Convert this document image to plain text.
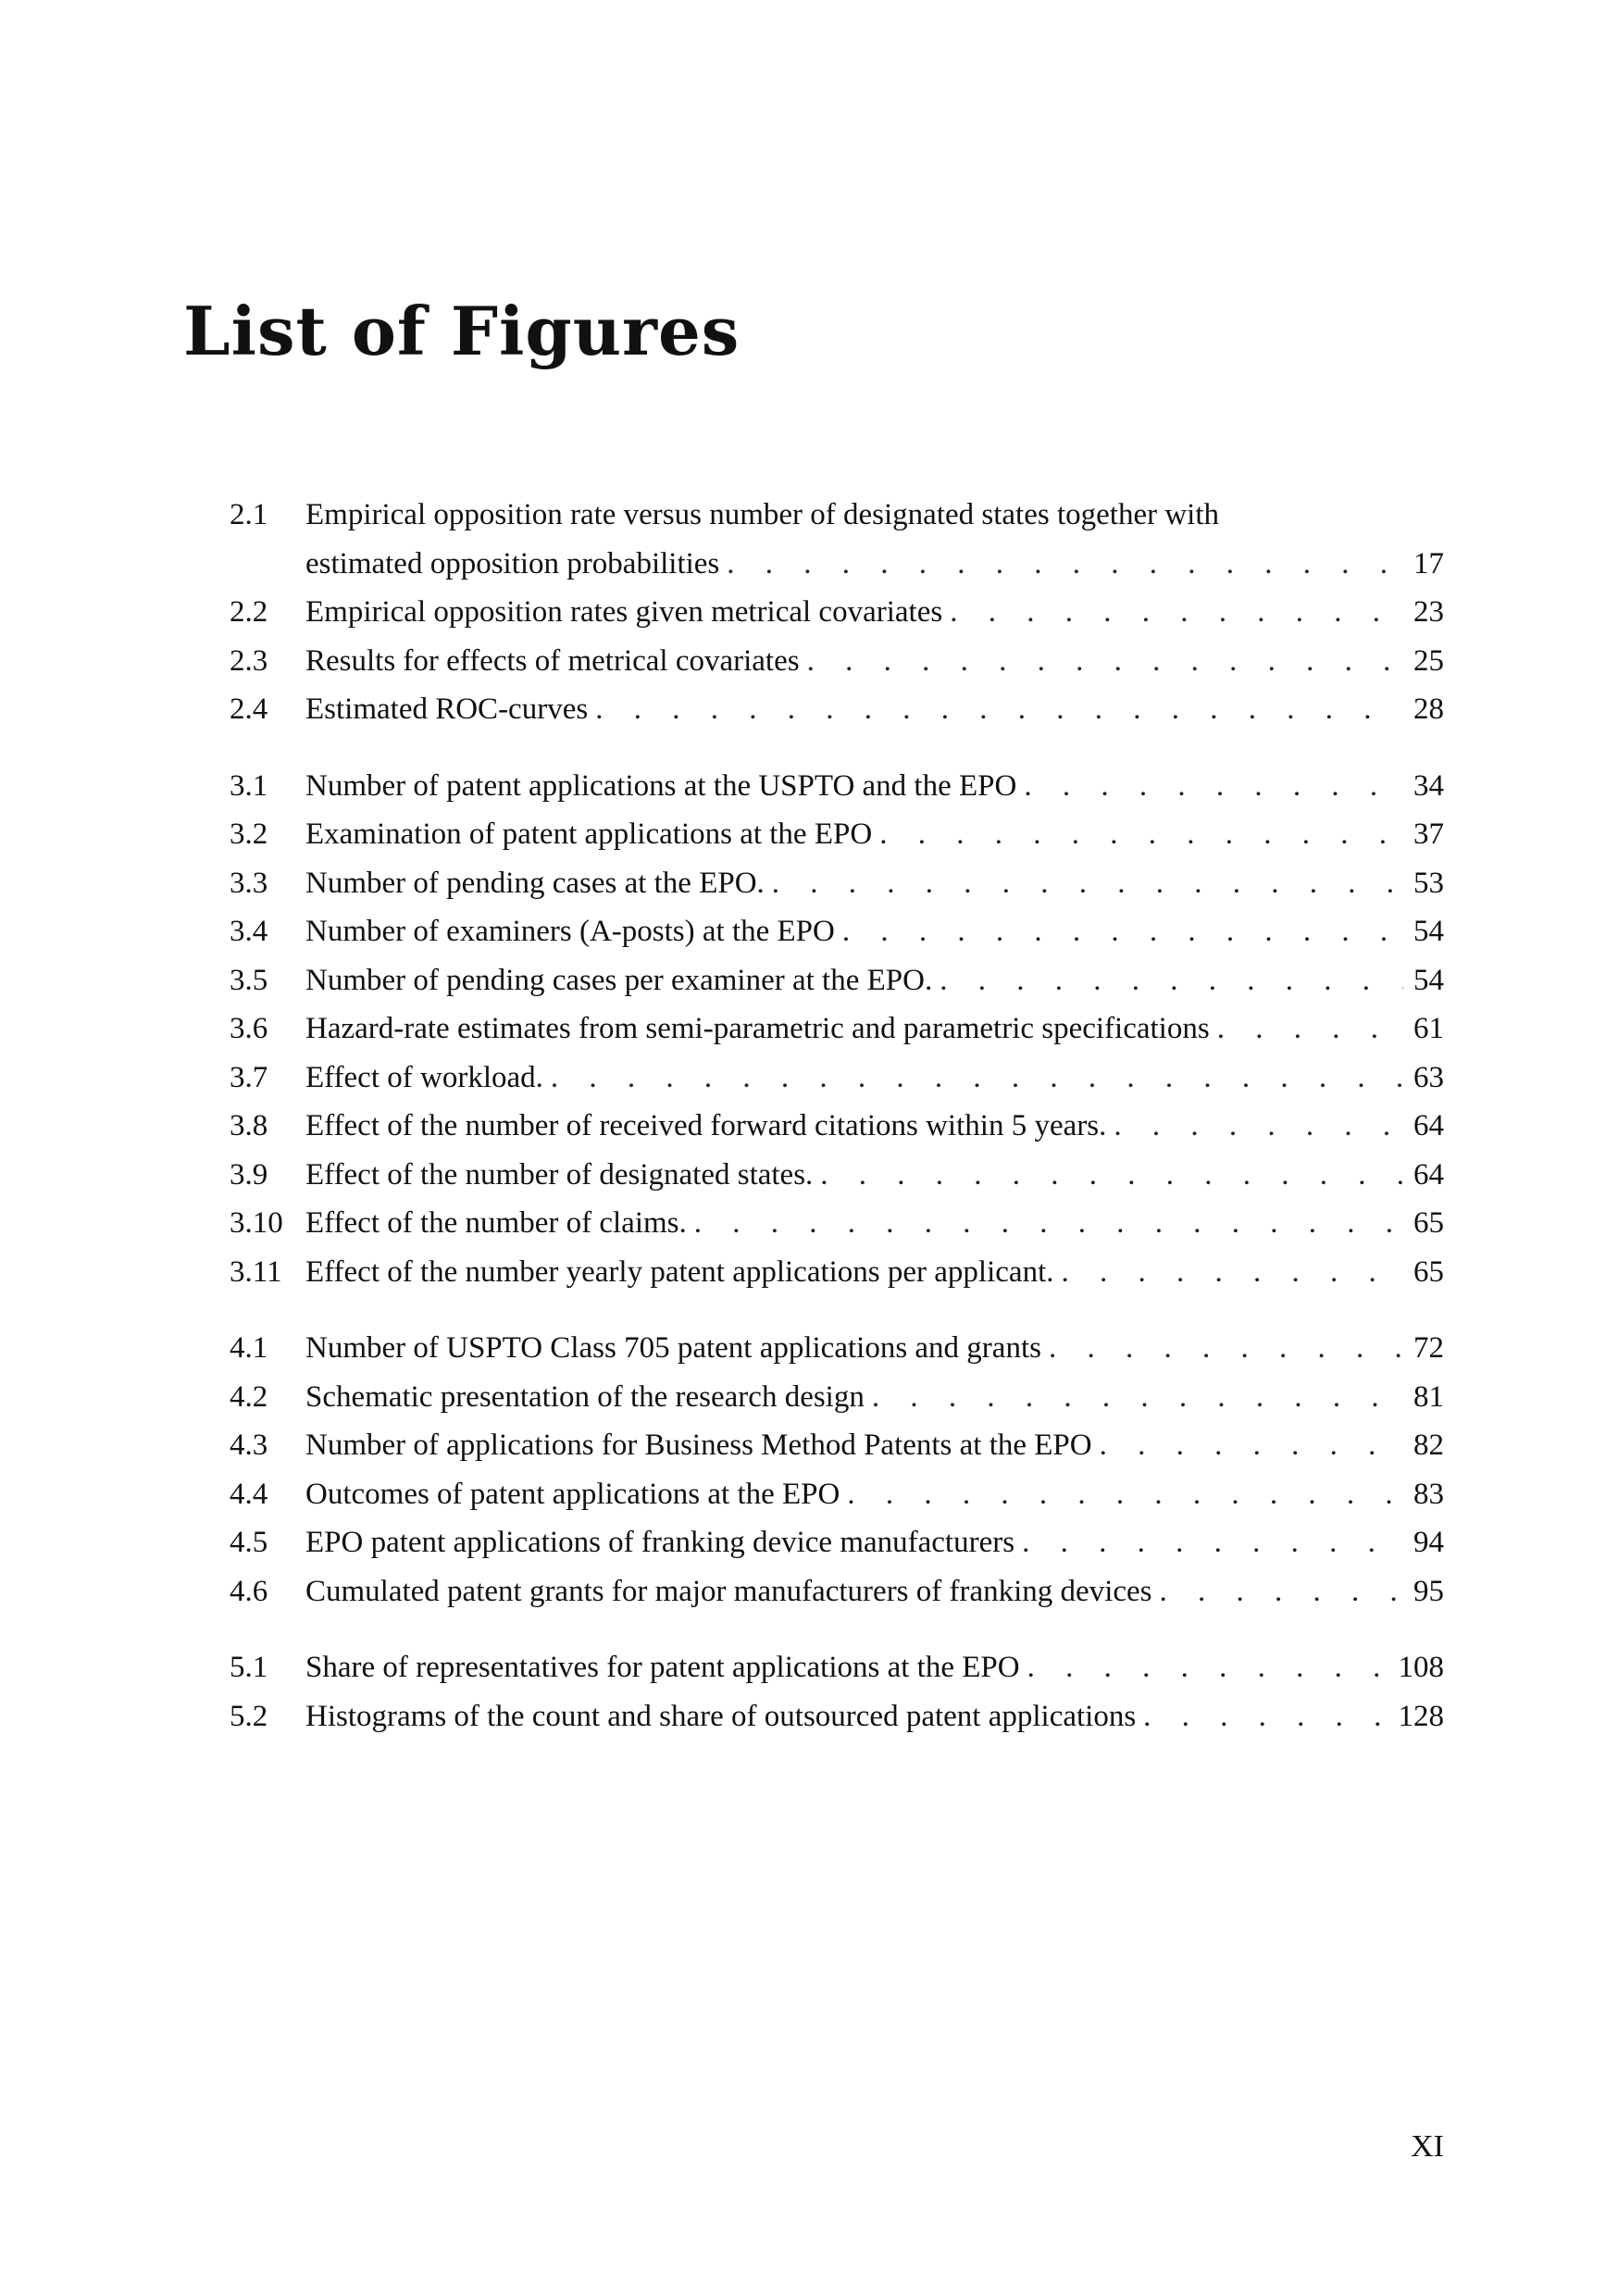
List of Figures
2.1	Empirical opposition rate versus number of designated states together with
estimated opposition probabilities . . .	17
2.2	Empirical opposition rates given metrical covariates . . .	23
2.3	Results for effects of metrical covariates . . .	25
2.4	Estimated ROC-curves . . .	28
3.1	Number of patent applications at the USPTO and the EPO . . .	34
3.2	Examination of patent applications at the EPO . . .	37
3.3	Number of pending cases at the EPO. . . .	53
3.4	Number of examiners (A-posts) at the EPO . . .	54
3.5	Number of pending cases per examiner at the EPO. . . .	54
3.6	Hazard-rate estimates from semi-parametric and parametric specifications . . .	61
3.7	Effect of workload. . . .	63
3.8	Effect of the number of received forward citations within 5 years. . . .	64
3.9	Effect of the number of designated states. . . .	64
3.10 Effect of the number of claims. . . .	65
3.11 Effect of the number yearly patent applications per applicant. . . .	65
4.1	Number of USPTO Class 705 patent applications and grants . . .	72
4.2	Schematic presentation of the research design . . .	81
4.3	Number of applications for Business Method Patents at the EPO . . .	82
4.4	Outcomes of patent applications at the EPO . . .	83
4.5	EPO patent applications of franking device manufacturers . . .	94
4.6	Cumulated patent grants for major manufacturers of franking devices . . .	95
5.1	Share of representatives for patent applications at the EPO . . .	108
5.2	Histograms of the count and share of outsourced patent applications . . .	128
XI
